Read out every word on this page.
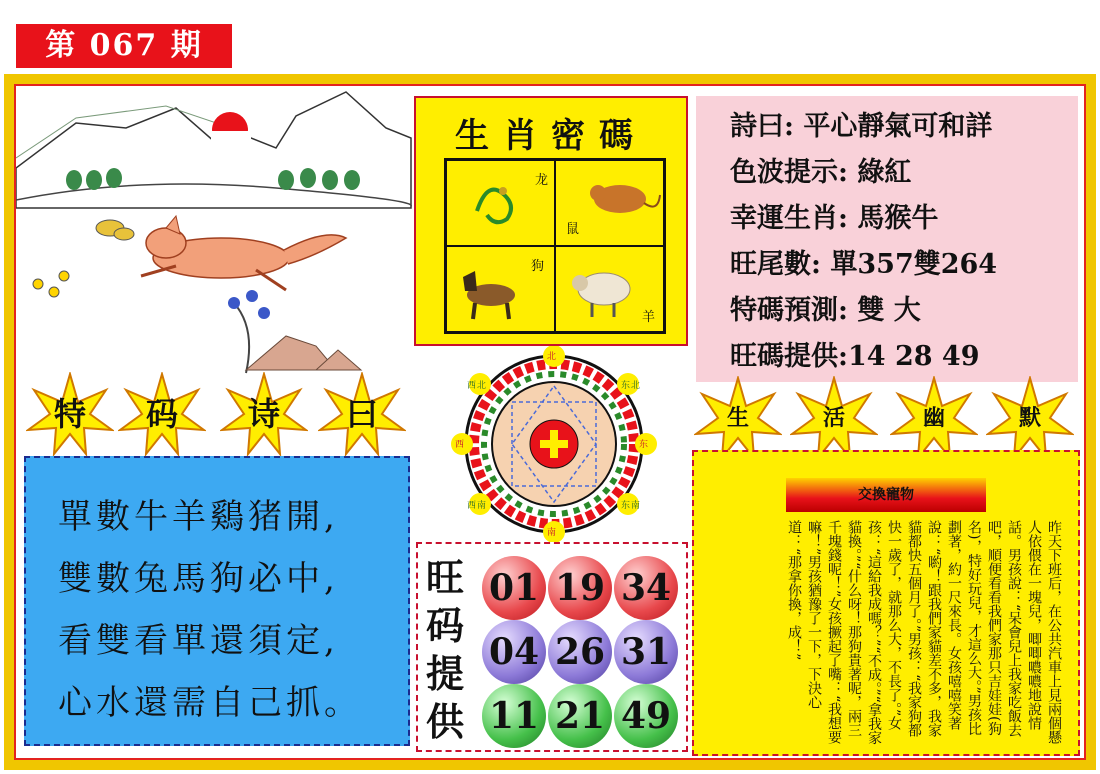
第 067 期
生肖密碼
龙
鼠
狗
羊
詩曰: 平心靜氣可和詳
色波提示: 綠紅
幸運生肖: 馬猴牛
旺尾數: 單357雙264
特碼預測: 雙 大
旺碼提供:14 28 49
特	码	诗	曰	生	活	幽	默
北
西	东
南
西 北	东 北
西 南	东 南
單數牛羊鷄猪開,
雙數兔馬狗必中,
看雙看單還須定,
心水還需自己抓。
旺码提供
01 19 34
04 26 31
11 21 49
交換寵物
昨天下班后，在公共汽車上見兩個懸人依偎在一塊兒，唧唧噥噥地說情話。男孩說：“呆會兒上我家吃飯去吧，順便看看我們家那只吉娃娃(狗名)，特好玩兒，才這么大。”男孩比劃著，約一尺來長。女孩嘻嘻笑著說：“喲！跟我們家貓差不多，我家貓都快五個月了。”男孩：“我家狗都快一歲了，就那么大，不長了。”女孩：“這給我成嗎？”“不成。”“拿我家貓換。”“什么呀！那狗貴著呢，兩三千塊錢呢！”女孩撅起了嘴：“我想要嘛！”男孩猶豫了一下，下決心道：“那拿你換，成！”
